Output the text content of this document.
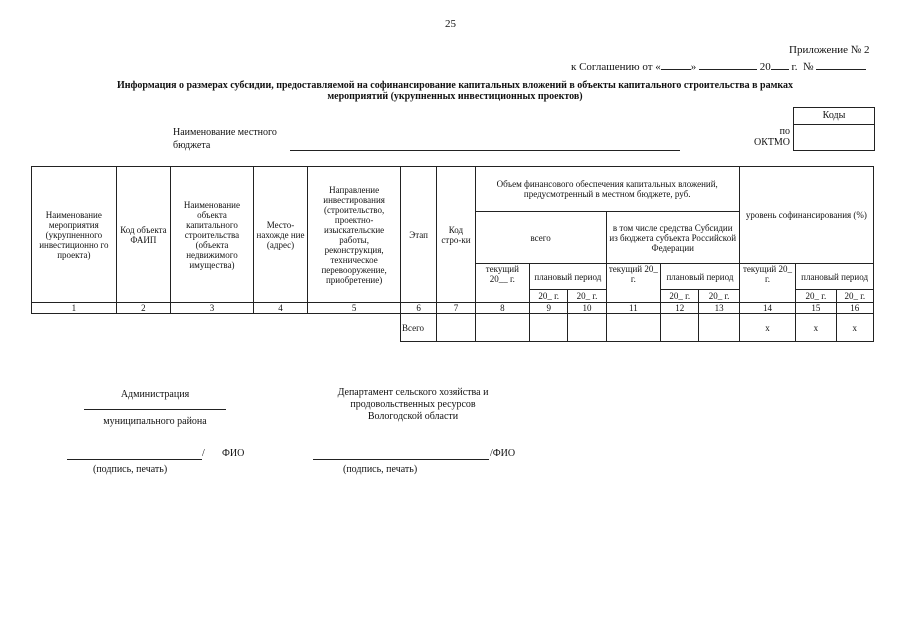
25
Приложение № 2
к Соглашению от «	»	20 г. №
Информация о размерах субсидии, предоставляемой на софинансирование капитальных вложений в объекты капитального строительства в рамках
мероприятий (укрупненных инвестиционных проектов)
Наименование местного
бюджета
по
ОКТМО
Коды
Наименование мероприятия (укрупненного инвестиционно го проекта)	Код объекта ФАИП	Наименование объекта капитального строительства (объекта недвижимого имущества)	Место-нахожде ние (адрес)	Направление инвестирования (строительство, проектно-изыскательские работы, реконструкция, техническое перевооружение, приобретение)	Этап	Код стро-ки	Объем финансового обеспечения капитальных вложений, предусмотренный в местном бюджете, руб.						уровень софинансирования (%)		
							всего			в том числе средства Субсидии из бюджета субъекта Российской Федерации					
							текущий 20__ г.	плановый период		текущий 20_ г.	плановый период		текущий 20_ г.	плановый период	
								20_ г.	20_ г.		20_ г.	20_ г.		20_ г.	20_ г.
1	2	3	4	5	6	7	8	9	10	11	12	13	14	15	16
					Всего								х	х	х
Администрация
муниципального района
Департамент сельского хозяйства и
продовольственных ресурсов
Вологодской области
/ ФИО
(подпись, печать)
/ФИО
(подпись, печать)
